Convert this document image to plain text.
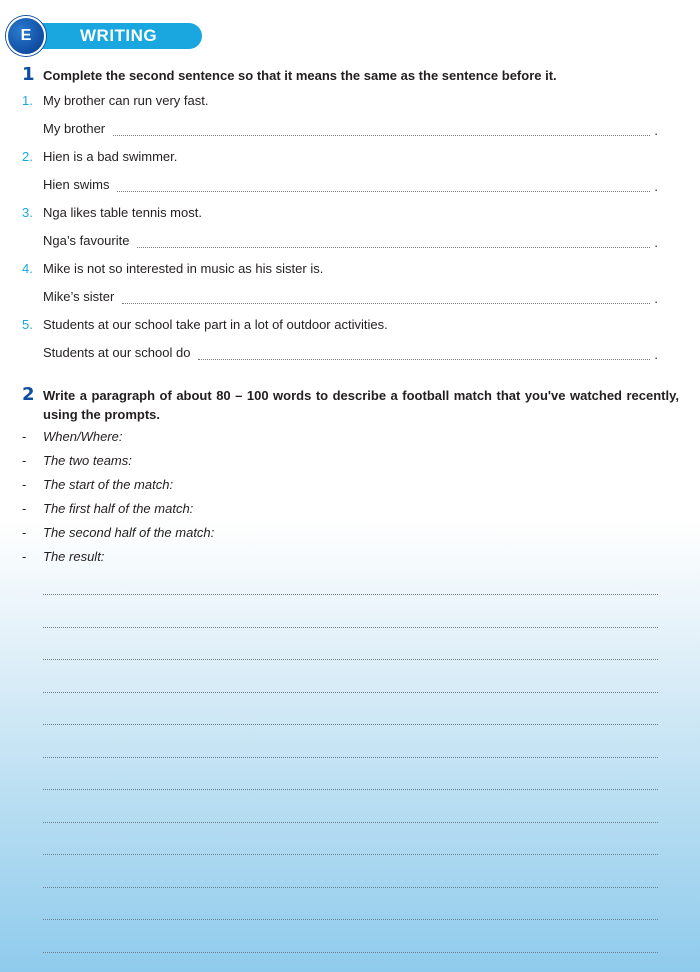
WRITING
E
1 Complete the second sentence so that it means the same as the sentence before it.
1. My brother can run very fast.
My brother	.
2. Hien is a bad swimmer.
Hien swims	.
3. Nga likes table tennis most.
Nga’s favourite	.
4. Mike is not so interested in music as his sister is.
Mike’s sister	.
5. Students at our school take part in a lot of outdoor activities.
Students at our school do	.
2 Write a paragraph of about 80 – 100 words to describe a football match that you've watched recently, using the prompts.
- When/Where:
- The two teams:
- The start of the match:
- The first half of the match:
- The second half of the match:
- The result:
